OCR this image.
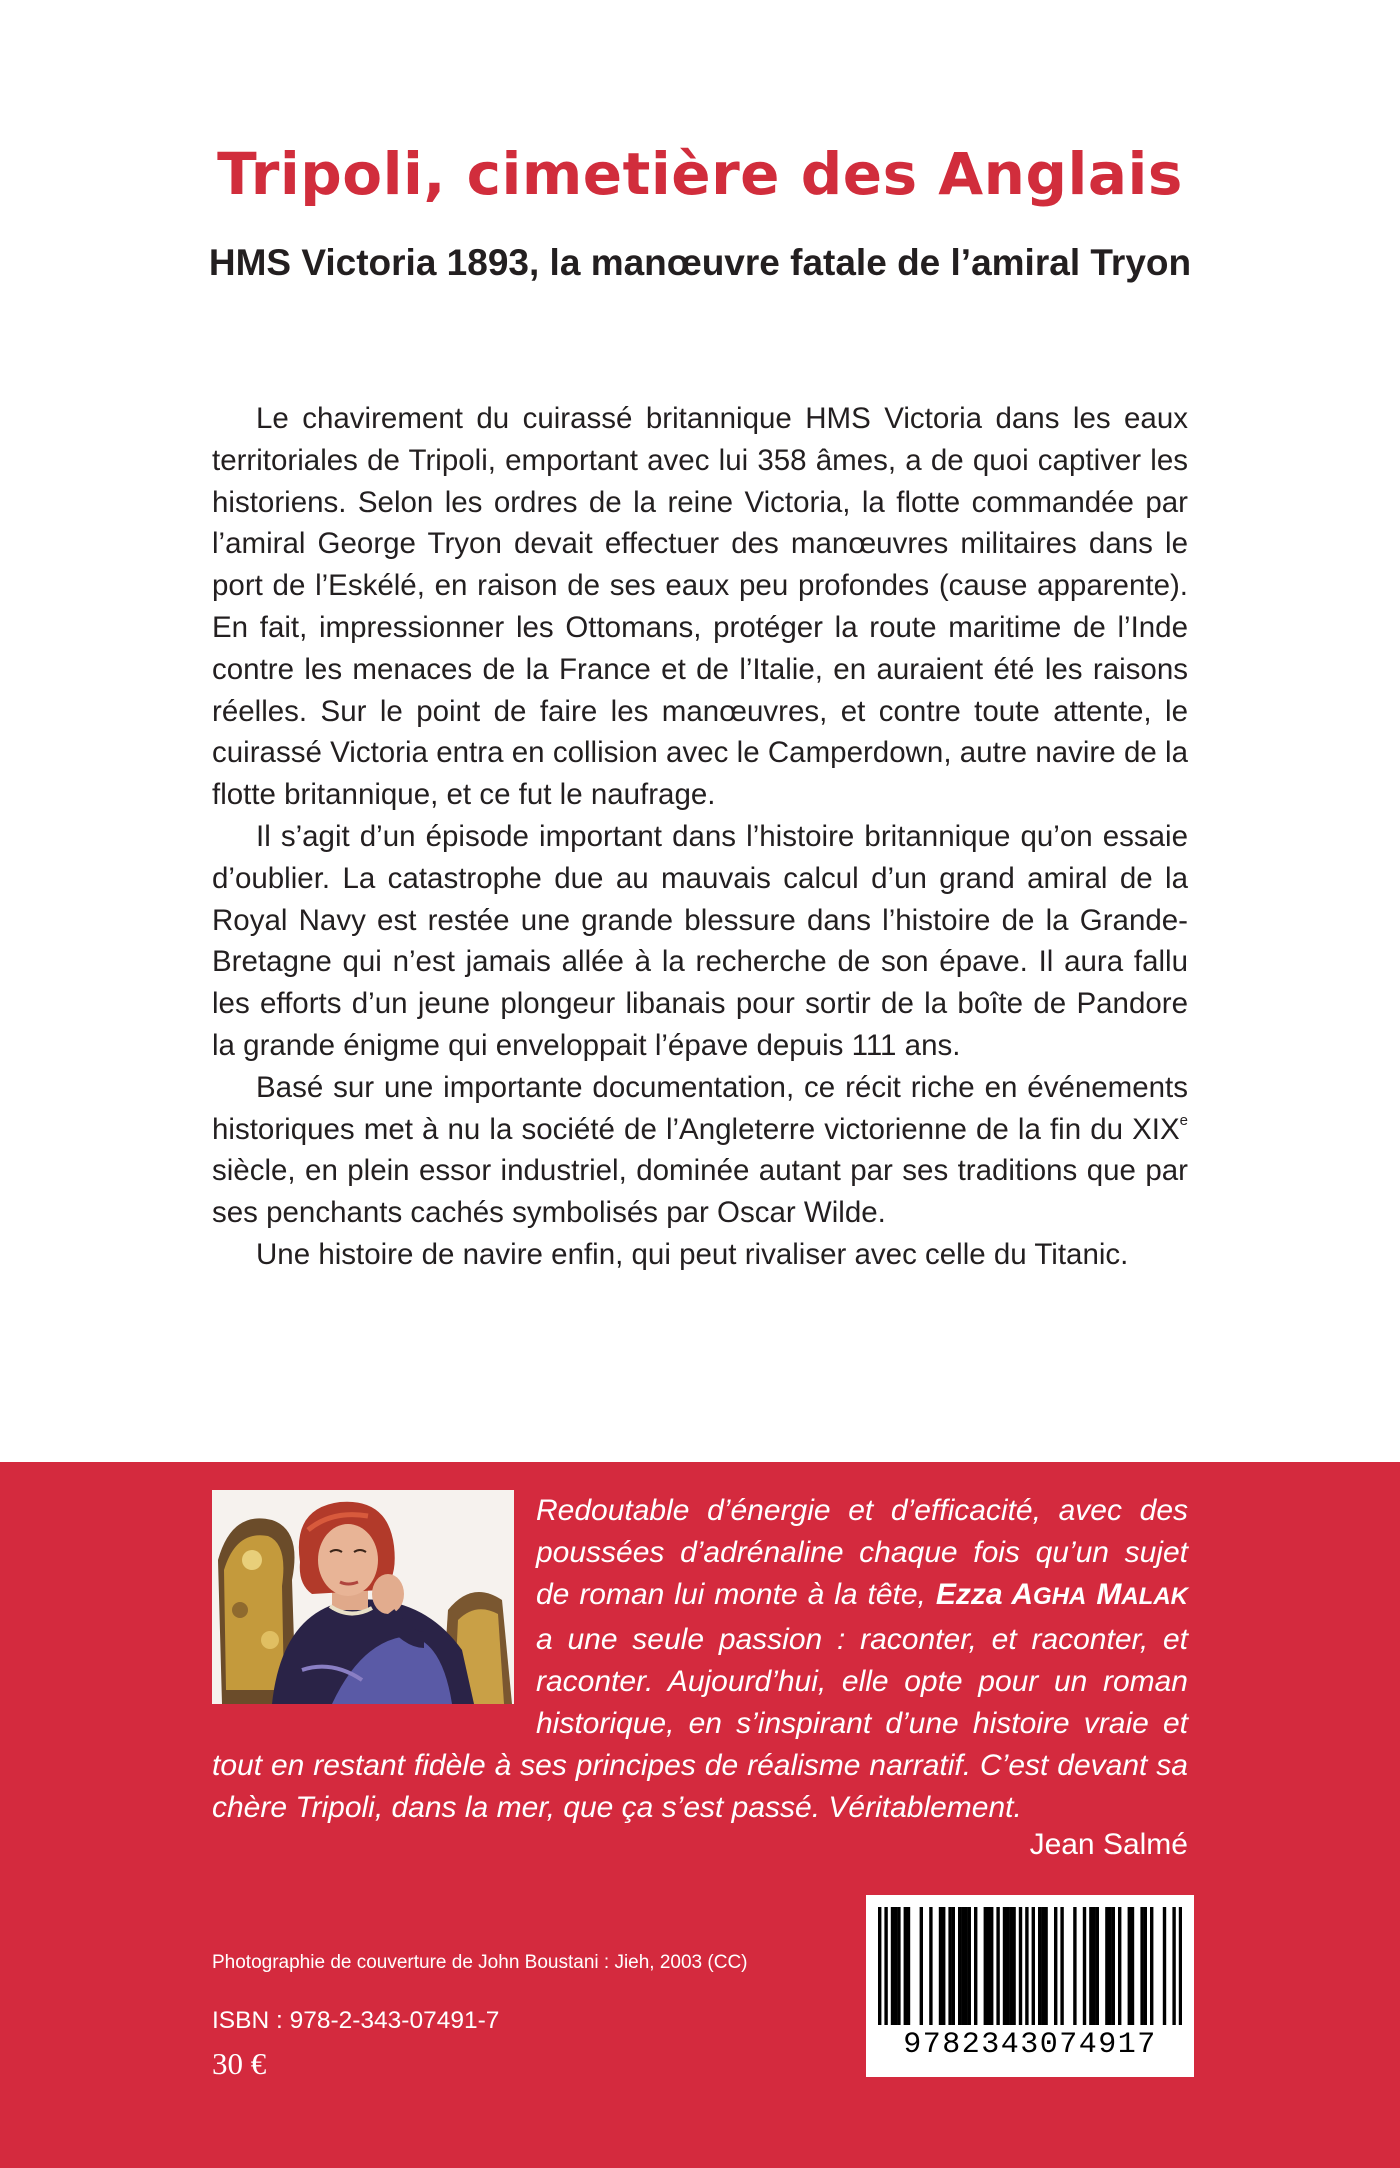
Tripoli, cimetière des Anglais
HMS Victoria 1893, la manœuvre fatale de l’amiral Tryon

Le chavirement du cuirassé britannique HMS Victoria dans les eaux territoriales de Tripoli, emportant avec lui 358 âmes, a de quoi captiver les historiens. Selon les ordres de la reine Victoria, la flotte commandée par l’amiral George Tryon devait effectuer des manœuvres militaires dans le port de l’Eskélé, en raison de ses eaux peu profondes (cause apparente). En fait, impressionner les Ottomans, protéger la route maritime de l’Inde contre les menaces de la France et de l’Italie, en auraient été les raisons réelles. Sur le point de faire les manœuvres, et contre toute attente, le cuirassé Victoria entra en collision avec le Camperdown, autre navire de la flotte britannique, et ce fut le naufrage.

Il s’agit d’un épisode important dans l’histoire britannique qu’on essaie d’oublier. La catastrophe due au mauvais calcul d’un grand amiral de la Royal Navy est restée une grande blessure dans l’histoire de la Grande-Bretagne qui n’est jamais allée à la recherche de son épave. Il aura fallu les efforts d’un jeune plongeur libanais pour sortir de la boîte de Pandore la grande énigme qui enveloppait l’épave depuis 111 ans.

Basé sur une importante documentation, ce récit riche en événements historiques met à nu la société de l’Angleterre victorienne de la fin du XIXe siècle, en plein essor industriel, dominée autant par ses traditions que par ses penchants cachés symbolisés par Oscar Wilde.

Une histoire de navire enfin, qui peut rivaliser avec celle du Titanic.

Redoutable d’énergie et d’efficacité, avec des poussées d’adrénaline chaque fois qu’un sujet de roman lui monte à la tête, Ezza AGHA MALAK a une seule passion : raconter, et raconter, et raconter. Aujourd’hui, elle opte pour un roman historique, en s’inspirant d’une histoire vraie et tout en restant fidèle à ses principes de réalisme narratif. C’est devant sa chère Tripoli, dans la mer, que ça s’est passé. Véritablement.

Jean Salmé

Photographie de couverture de John Boustani : Jieh, 2003 (CC)

ISBN : 978-2-343-07491-7

30 €

9782343074917
